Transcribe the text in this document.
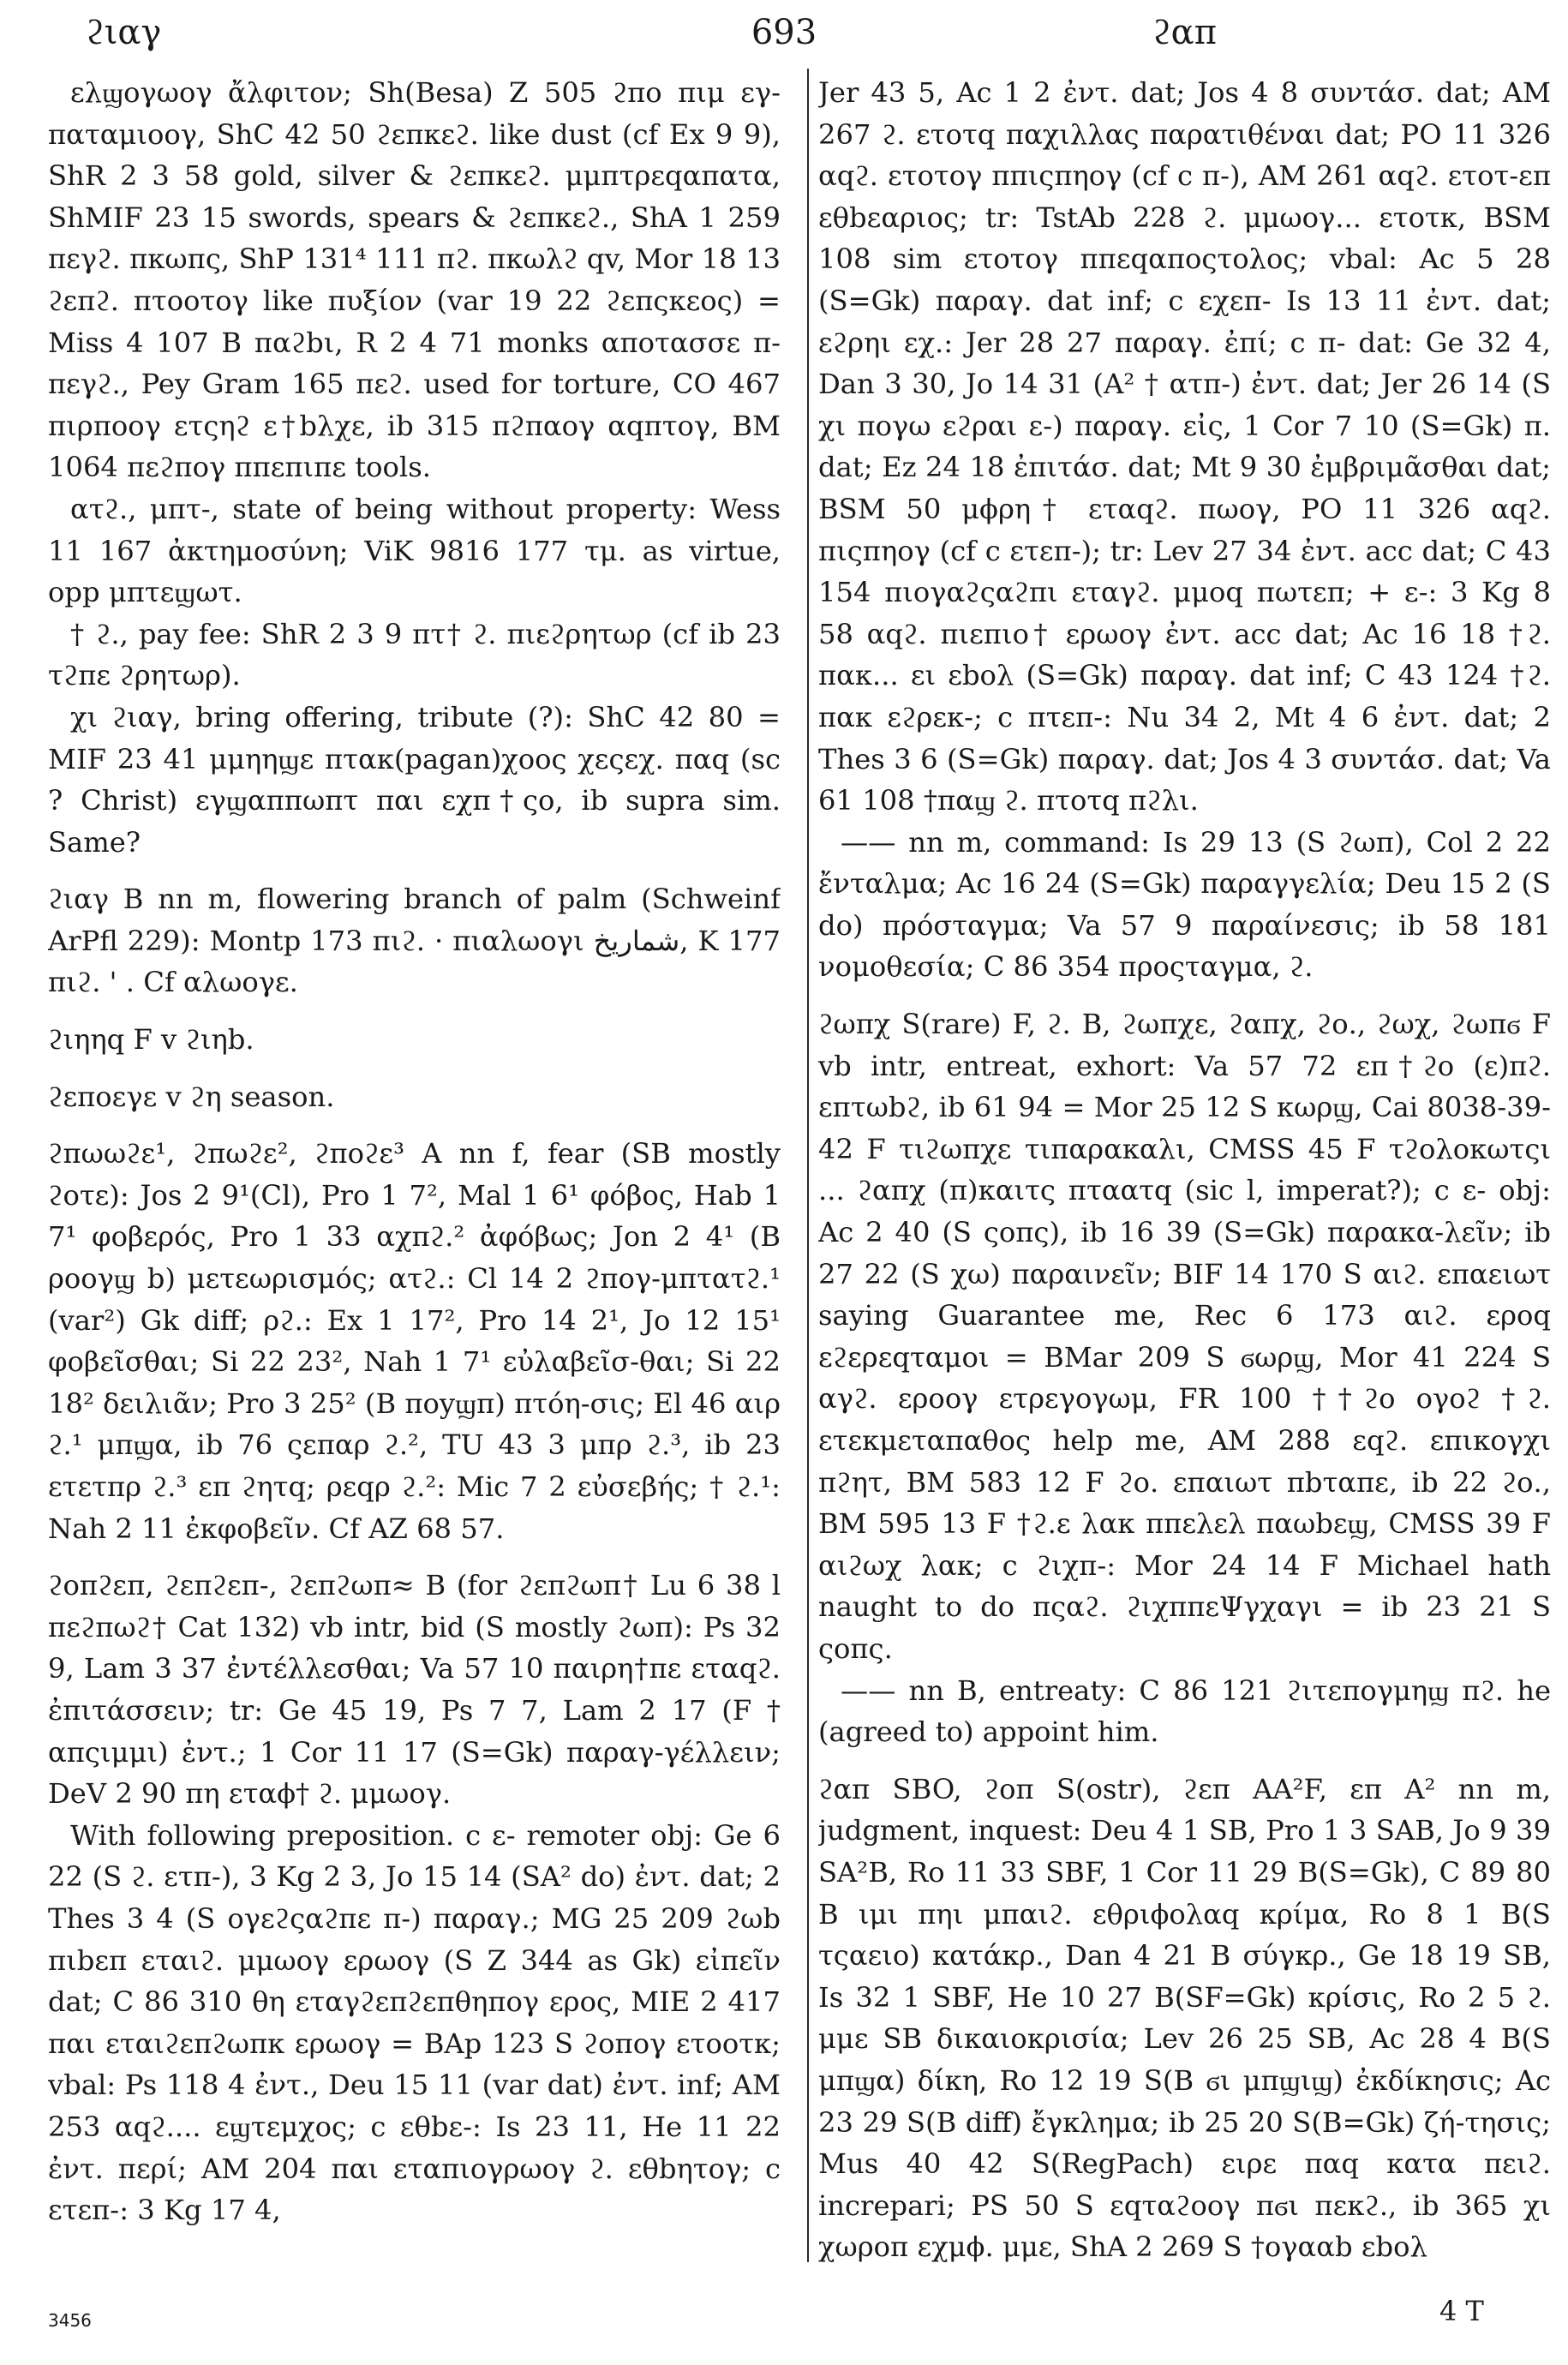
ϩιαγ	693	ϩαπ

ελϣογωογ ἄλφιτον; Sh(Besa) Z 505 ϩπο πιμ εγ-παταμιοογ, ShC 42 50 ϩεπκεϩ. like dust (cf Ex 9 9), ShR 2 3 58 gold, silver & ϩεπκεϩ. μμπτρεqαπατα, ShMIF 23 15 swords, spears & ϩεπκεϩ., ShA 1 259 πεγϩ. πκωπς, ShP 131⁴ 111 πϩ. πκωλϩ qv, Mor 18 13 ϩεπϩ. πτοοτογ like πυξίον (var 19 22 ϩεπςκεος) = Miss 4 107 B παϩbι, R 2 4 71 monks αποτασσε π-πεγϩ., Pey Gram 165 πεϩ. used for torture, CO 467 πιρποογ ετςηϩ ε†bλχε, ib 315 πϩπαογ αqπτογ, BM 1064 πεϩπογ ππεπιπε tools.

ατϩ., μπτ-, state of being without property: Wess 11 167 ἀκτημοσύνη; ViK 9816 177 τμ. as virtue, opp μπτεϣωτ.

† ϩ., pay fee: ShR 2 3 9 πτ† ϩ. πιεϩρητωρ (cf ib 23 τϩπε ϩρητωρ).

χι ϩιαγ, bring offering, tribute (?): ShC 42 80 = MIF 23 41 μμηηϣε πτακ(pagan)χοος χεςεχ. παq (sc ? Christ) εγϣαππωπτ παι εχπ†ςο, ib supra sim. Same?

ϩιαγ B nn m, flowering branch of palm (Schweinf ArPfl 229): Montp 173 πιϩ. · πιαλωογι شماريخ, K 177 πιϩ. ' . Cf αλωογε.

ϩιηηq F v ϩιηb.

ϩεποεγε v ϩη season.

ϩπωωϩε¹, ϩπωϩε², ϩποϩε³ A nn f, fear (SB mostly ϩοτε): Jos 2 9¹(Cl), Pro 1 7², Mal 1 6¹ φόβος, Hab 1 7¹ φοβερός, Pro 1 33 αχπϩ.² ἀφόβως; Jon 2 4¹ (B ροογϣ b) μετεωρισμός; ατϩ.: Cl 14 2 ϩπογ-μπτατϩ.¹ (var²) Gk diff; ρϩ.: Ex 1 17², Pro 14 2¹, Jo 12 15¹ φοβεῖσθαι; Si 22 23², Nah 1 7¹ εὐλαβεῖσ-θαι; Si 22 18² δειλιᾶν; Pro 3 25² (B ποyϣπ) πτόη-σις; El 46 αιρ ϩ.¹ μπϣα, ib 76 ςεπαρ ϩ.², TU 43 3 μπρ ϩ.³, ib 23 ετετπρ ϩ.³ επ ϩητq; ρεqρ ϩ.²: Mic 7 2 εὐσεβής; † ϩ.¹: Nah 2 11 ἐκφοβεῖν. Cf AZ 68 57.

ϩοπϩεπ, ϩεπϩεπ-, ϩεπϩωπ≈ B (for ϩεπϩωπ† Lu 6 38 l πεϩπωϩ† Cat 132) vb intr, bid (S mostly ϩωπ): Ps 32 9, Lam 3 37 ἐντέλλεσθαι; Va 57 10 παιρη†πε εταqϩ. ἐπιτάσσειν; tr: Ge 45 19, Ps 7 7, Lam 2 17 (F † απςιμμι) ἐντ.; 1 Cor 11 17 (S=Gk) παραγ-γέλλειν; DeV 2 90 πη εταϕ† ϩ. μμωογ.

With following preposition. c ε- remoter obj: Ge 6 22 (S ϩ. ετπ-), 3 Kg 2 3, Jo 15 14 (SA² do) ἐντ. dat; 2 Thes 3 4 (S ογεϩςαϩπε π-) παραγ.; MG 25 209 ϩωb πιbεπ εταιϩ. μμωογ ερωογ (S Z 344 as Gk) εἰπεῖν dat; C 86 310 θη εταγϩεπϩεπθηπογ ερος, MIE 2 417 παι εταιϩεπϩωπκ ερωογ = BAp 123 S ϩοπογ ετοοτκ; vbal: Ps 118 4 ἐντ., Deu 15 11 (var dat) ἐντ. inf; AM 253 αqϩ.... εϣτεμχος; c εθbε-: Is 23 11, He 11 22 ἐντ. περί; AM 204 παι εταπιογρωογ ϩ. εθbητογ; c ετεπ-: 3 Kg 17 4,

Jer 43 5, Ac 1 2 ἐντ. dat; Jos 4 8 συντάσ. dat; AM 267 ϩ. ετοτq παχιλλας παρατιθέναι dat; PO 11 326 αqϩ. ετοτογ ππιςπηογ (cf c π-), AM 261 αqϩ. ετοτ-επ εθbεαριος; tr: TstAb 228 ϩ. μμωογ... ετοτκ, BSM 108 sim ετοτογ ππεqαποςτολος; vbal: Ac 5 28 (S=Gk) παραγ. dat inf; c εχεπ- Is 13 11 ἐντ. dat; εϩρηι εχ.: Jer 28 27 παραγ. ἐπί; c π- dat: Ge 32 4, Dan 3 30, Jo 14 31 (A² † ατπ-) ἐντ. dat; Jer 26 14 (S χι πογω εϩραι ε-) παραγ. εἰς, 1 Cor 7 10 (S=Gk) π. dat; Ez 24 18 ἐπιτάσ. dat; Mt 9 30 ἐμβριμᾶσθαι dat; BSM 50 μϕρη† εταqϩ. πωογ, PO 11 326 αqϩ. πιςπηογ (cf c ετεπ-); tr: Lev 27 34 ἐντ. acc dat; C 43 154 πιογαϩςαϩπι εταγϩ. μμοq πωτεπ; + ε-: 3 Kg 8 58 αqϩ. πιεπιο† ερωογ ἐντ. acc dat; Ac 16 18 †ϩ. πακ... ει εbολ (S=Gk) παραγ. dat inf; C 43 124 †ϩ. πακ εϩρεκ-; c πτεπ-: Nu 34 2, Mt 4 6 ἐντ. dat; 2 Thes 3 6 (S=Gk) παραγ. dat; Jos 4 3 συντάσ. dat; Va 61 108 †παϣ ϩ. πτοτq πϩλι.

—— nn m, command: Is 29 13 (S ϩωπ), Col 2 22 ἔνταλμα; Ac 16 24 (S=Gk) παραγγελία; Deu 15 2 (S do) πρόσταγμα; Va 57 9 παραίνεσις; ib 58 181 νομοθεσία; C 86 354 προςταγμα, ϩ.

ϩωπχ S(rare) F, ϩ. B, ϩωπχε, ϩαπχ, ϩο., ϩωχ, ϩωπϭ F vb intr, entreat, exhort: Va 57 72 επ†ϩο (ε)πϩ. επτωbϩ, ib 61 94 = Mor 25 12 S κωρϣ, Cai 8038-39-42 F τιϩωπχε τιπαρακαλι, CMSS 45 F τϩολοκωτςι ... ϩαπχ (π)καιτς πταατq (sic l, imperat?); c ε- obj: Ac 2 40 (S ςοπς), ib 16 39 (S=Gk) παρακα-λεῖν; ib 27 22 (S χω) παραινεῖν; BIF 14 170 S αιϩ. επαειωτ saying Guarantee me, Rec 6 173 αιϩ. εροq εϩερεqταμοι = BMar 209 S ϭωρϣ, Mor 41 224 S αγϩ. εροογ ετρεγογωμ, FR 100 ††ϩο ογοϩ †ϩ. ετεκμεταπαθος help me, AM 288 εqϩ. επικογχι πϩητ, BM 583 12 F ϩο. επαιωτ πbταπε, ib 22 ϩο., BM 595 13 F †ϩ.ε λακ ππελελ παωbεϣ, CMSS 39 F αιϩωχ λακ; c ϩιχπ-: Mor 24 14 F Michael hath naught to do πςαϩ. ϩιχππεΨγχαγι = ib 23 21 S ςοπς.

—— nn B, entreaty: C 86 121 ϩιτεπογμηϣ πϩ. he (agreed to) appoint him.

ϩαπ SBO, ϩοπ S(ostr), ϩεπ AA²F, επ A² nn m, judgment, inquest: Deu 4 1 SB, Pro 1 3 SAB, Jo 9 39 SA²B, Ro 11 33 SBF, 1 Cor 11 29 B(S=Gk), C 89 80 B ιμι πηι μπαιϩ. εθριϕολαq κρίμα, Ro 8 1 B(S τςαειο) κατάκρ., Dan 4 21 B σύγκρ., Ge 18 19 SB, Is 32 1 SBF, He 10 27 B(SF=Gk) κρίσις, Ro 2 5 ϩ. μμε SB δικαιοκρισία; Lev 26 25 SB, Ac 28 4 B(S μπϣα) δίκη, Ro 12 19 S(B ϭι μπϣιϣ) ἐκδίκησις; Ac 23 29 S(B diff) ἔγκλημα; ib 25 20 S(B=Gk) ζή-τησις; Mus 40 42 S(RegPach) ειρε παq κατα πειϩ. increpari; PS 50 S εqταϩοογ πϭι πεκϩ., ib 365 χι χωροπ εχμϕ. μμε, ShA 2 269 S †ογααb εbολ

3456	4 T
